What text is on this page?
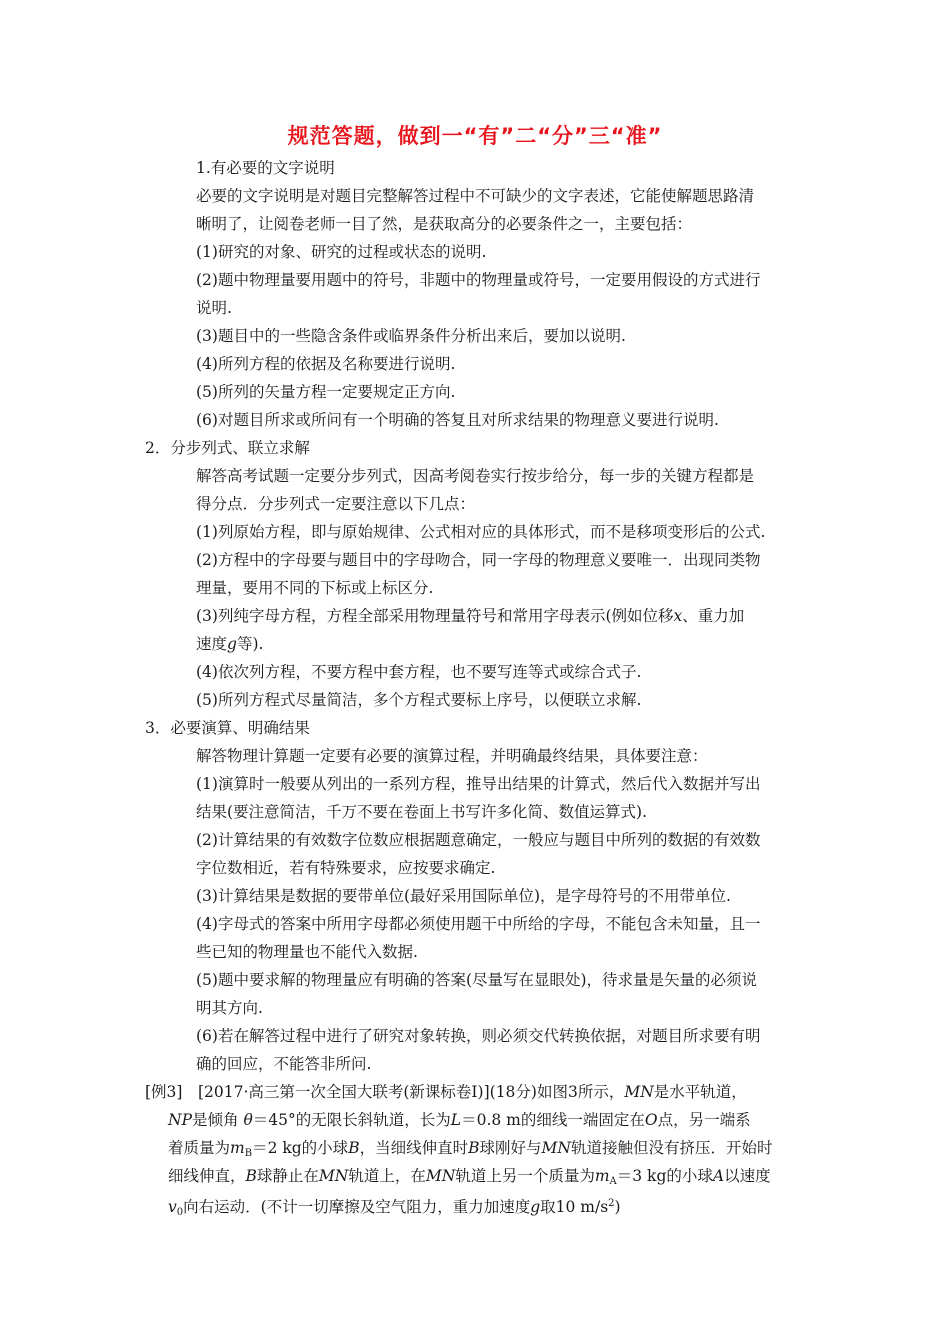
规范答题，做到一“有”二“分”三“准”
1.有必要的文字说明
必要的文字说明是对题目完整解答过程中不可缺少的文字表述，它能使解题思路清
晰明了，让阅卷老师一目了然，是获取高分的必要条件之一，主要包括：
(1)研究的对象、研究的过程或状态的说明.
(2)题中物理量要用题中的符号，非题中的物理量或符号，一定要用假设的方式进行
说明.
(3)题目中的一些隐含条件或临界条件分析出来后，要加以说明.
(4)所列方程的依据及名称要进行说明.
(5)所列的矢量方程一定要规定正方向.
(6)对题目所求或所问有一个明确的答复且对所求结果的物理意义要进行说明.
2．分步列式、联立求解
解答高考试题一定要分步列式，因高考阅卷实行按步给分，每一步的关键方程都是
得分点．分步列式一定要注意以下几点：
(1)列原始方程，即与原始规律、公式相对应的具体形式，而不是移项变形后的公式.
(2)方程中的字母要与题目中的字母吻合，同一字母的物理意义要唯一．出现同类物
理量，要用不同的下标或上标区分.
(3)列纯字母方程，方程全部采用物理量符号和常用字母表示(例如位移x、重力加
速度g等).
(4)依次列方程，不要方程中套方程，也不要写连等式或综合式子.
(5)所列方程式尽量简洁，多个方程式要标上序号，以便联立求解.
3．必要演算、明确结果
解答物理计算题一定要有必要的演算过程，并明确最终结果，具体要注意：
(1)演算时一般要从列出的一系列方程，推导出结果的计算式，然后代入数据并写出
结果(要注意简洁，千万不要在卷面上书写许多化简、数值运算式).
(2)计算结果的有效数字位数应根据题意确定，一般应与题目中所列的数据的有效数
字位数相近，若有特殊要求，应按要求确定.
(3)计算结果是数据的要带单位(最好采用国际单位)，是字母符号的不用带单位.
(4)字母式的答案中所用字母都必须使用题干中所给的字母，不能包含未知量，且一
些已知的物理量也不能代入数据.
(5)题中要求解的物理量应有明确的答案(尽量写在显眼处)，待求量是矢量的必须说
明其方向.
(6)若在解答过程中进行了研究对象转换，则必须交代转换依据，对题目所求要有明
确的回应，不能答非所问.
[例3]　[2017·高三第一次全国大联考(新课标卷Ⅰ)](18分)如图3所示，MN是水平轨道，
NP是倾角 θ＝45°的无限长斜轨道，长为L＝0.8 m的细线一端固定在O点，另一端系
着质量为$m_B=2$ kg的小球B，当细线伸直时B球刚好与MN轨道接触但没有挤压．开始时
细线伸直，B球静止在MN轨道上，在MN轨道上另一个质量为$m_A=3$ kg的小球A以速度
$v_0$向右运动．(不计一切摩擦及空气阻力，重力加速度g取10 $m/s^2$)
